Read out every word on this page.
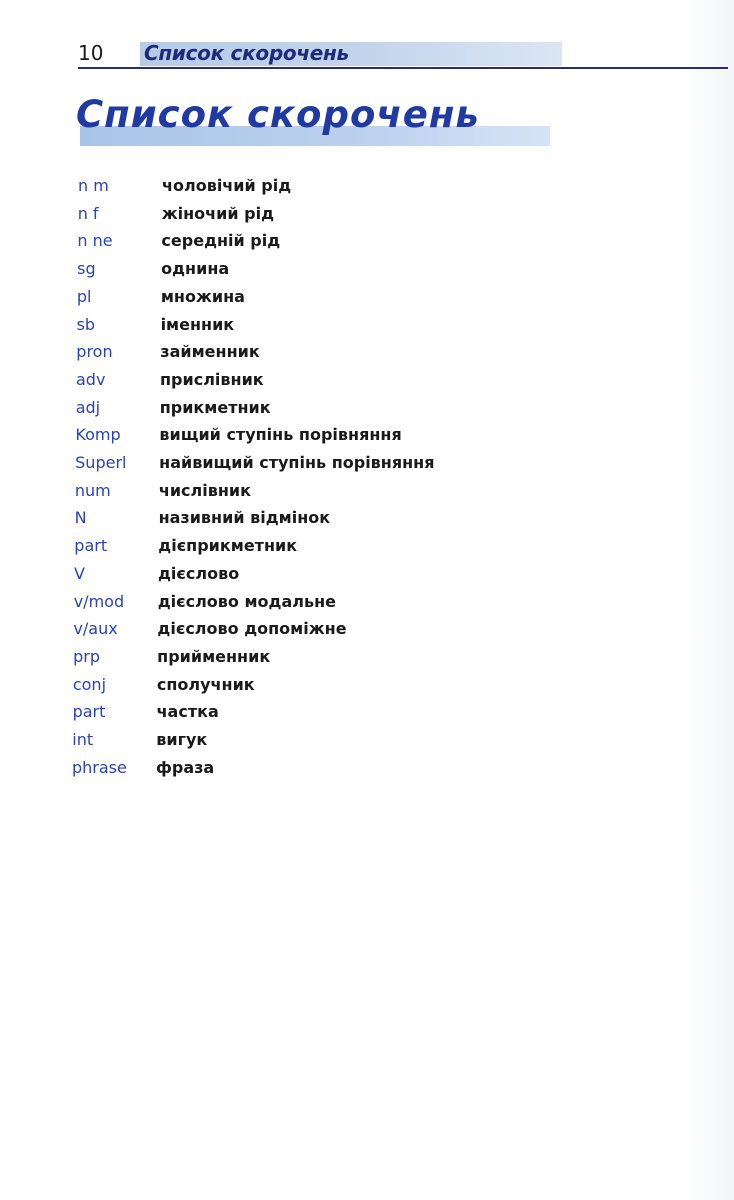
10 Список скорочень
Список скорочень
n m	чоловічий рід
n f	жіночий рід
n ne	середній рід
sg	однина
pl	множина
sb	іменник
pron	займенник
adv	прислівник
adj	прикметник
Komp вищий ступінь порівняння
Superl найвищий ступінь порівняння
num	числівник
N	називний відмінок
part	дієприкметник
V	дієслово
v/mod дієслово модальне
v/aux дієслово допоміжне
prp	прийменник
conj	сполучник
part	частка
int	вигук
phrase фраза
